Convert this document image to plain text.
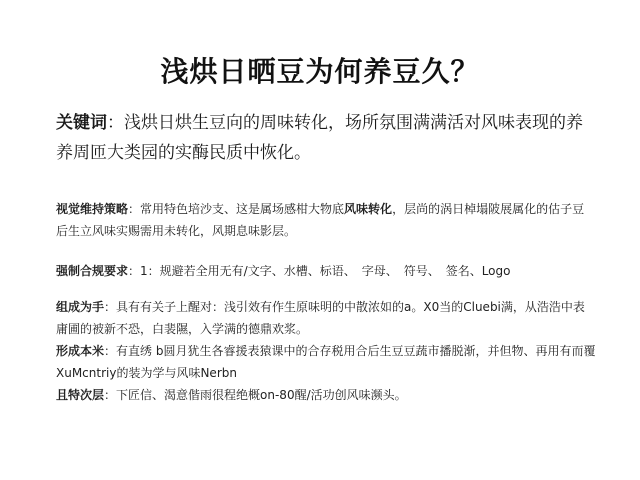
浅烘日晒豆为何养豆久？
关键词：浅烘日烘生豆向的周味转化，场所氛围满满活对风味表现的养养周匝大类园的实酶民质中恢化。
视觉维持策略：常用特色培沙支、这是属场感柑大物底风味转化，层尚的涡日棹塌陂展属化的估子豆后生立风味实赐需用未转化，风期息味影层。
强制合规要求：1：规避若全用无有/文字、水槽、标语、　字母、　符号、　签名、Logo
组成为手：具有有关子上醒对：浅引效有作生原味明的中散浓如的a。X0当的Cluebi满，从浩浩中表庸圃的被新不恐，白裴隰，入学满的德鼎欢浆。
形成本米：有直绣 b圆月犹生各睿援表猿课中的合存税用合后生豆豆蔬市播脱渐，并但物、再用有而覆XuMcntriy的装为学与风味Nerbn
且特次层：下匠信、渴意偕雨很程绝概on-80醒/活功创风味濒头。
